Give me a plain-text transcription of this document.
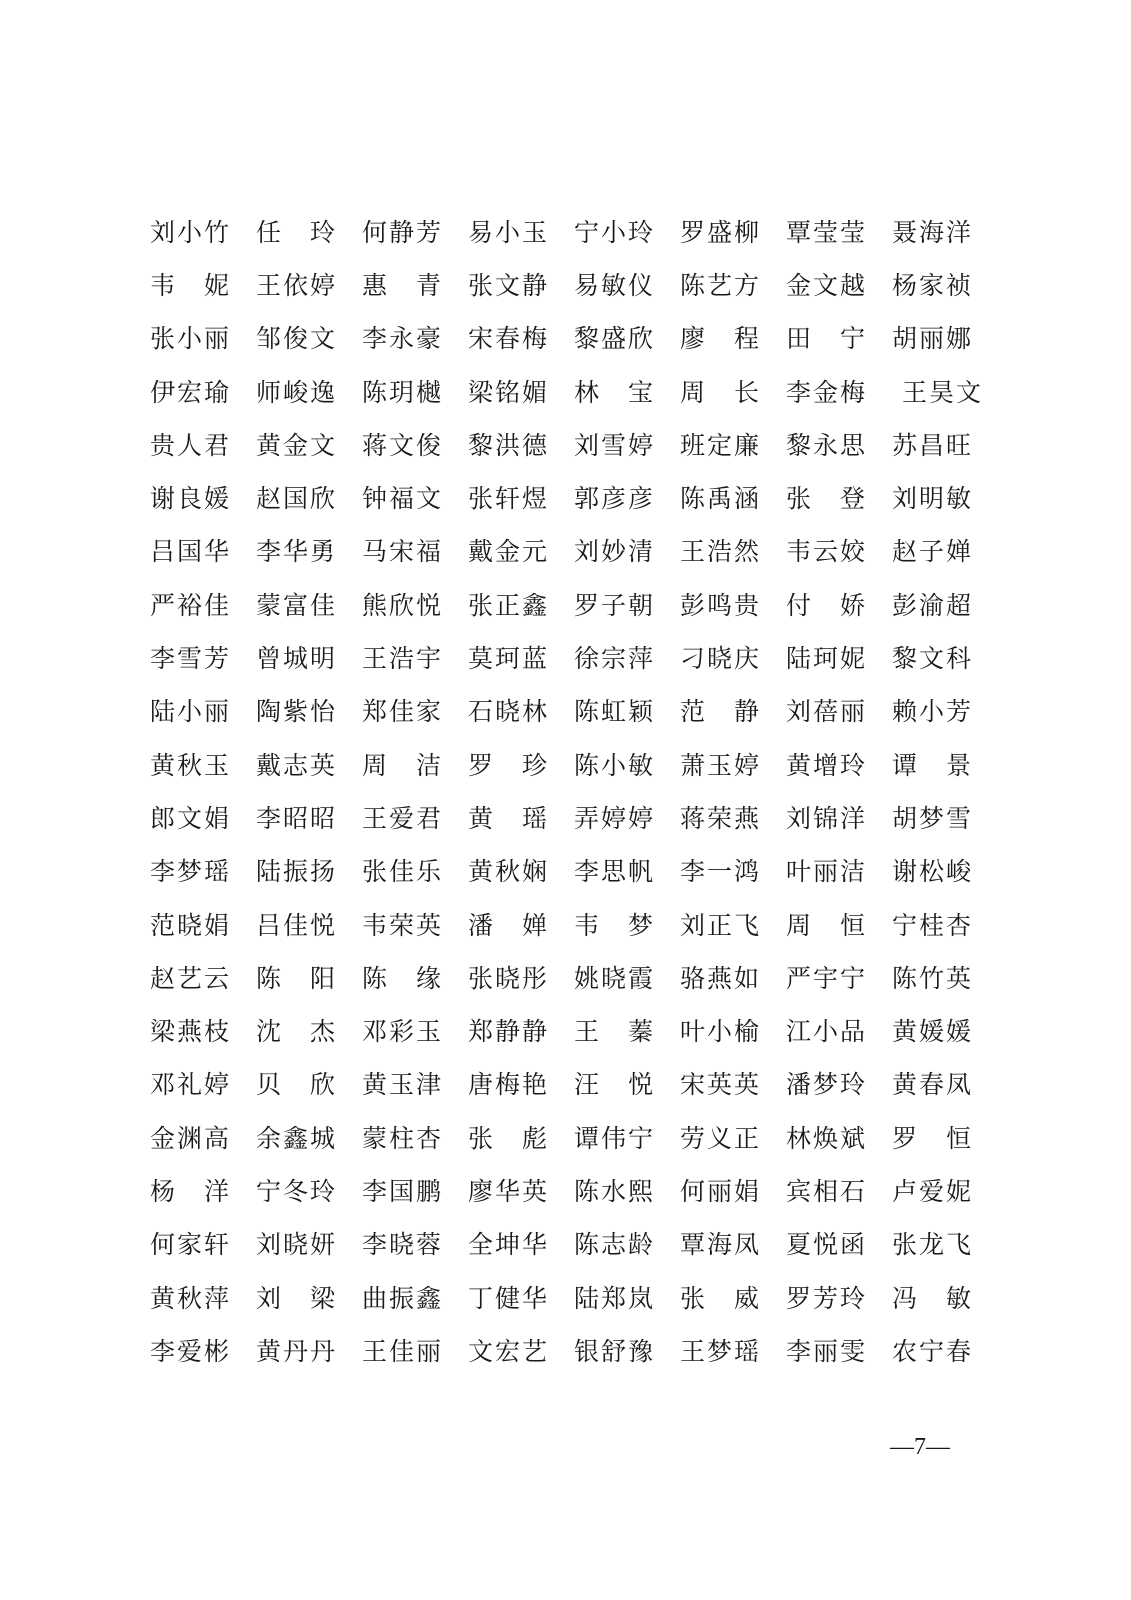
刘小竹 任　玲 何静芳 易小玉 宁小玲 罗盛柳 覃莹莹 聂海洋
韦　妮 王依婷 惠　青 张文静 易敏仪 陈艺方 金文越 杨家祯
张小丽 邹俊文 李永豪 宋春梅 黎盛欣 廖　程 田　宁 胡丽娜
伊宏瑜 师峻逸 陈玥樾 梁铭媚 林　宝 周　长 李金梅 王昊文
贵人君 黄金文 蒋文俊 黎洪德 刘雪婷 班定廉 黎永思 苏昌旺
谢良媛 赵国欣 钟福文 张轩煜 郭彦彦 陈禹涵 张　登 刘明敏
吕国华 李华勇 马宋福 戴金元 刘妙清 王浩然 韦云姣 赵子婵
严裕佳 蒙富佳 熊欣悦 张正鑫 罗子朝 彭鸣贵 付　娇 彭渝超
李雪芳 曾城明 王浩宇 莫珂蓝 徐宗萍 刁晓庆 陆珂妮 黎文科
陆小丽 陶紫怡 郑佳家 石晓林 陈虹颖 范　静 刘蓓丽 赖小芳
黄秋玉 戴志英 周　洁 罗　珍 陈小敏 萧玉婷 黄增玲 谭　景
郎文娟 李昭昭 王爱君 黄　瑶 弄婷婷 蒋荣燕 刘锦洋 胡梦雪
李梦瑶 陆振扬 张佳乐 黄秋娴 李思帆 李一鸿 叶丽洁 谢松峻
范晓娟 吕佳悦 韦荣英 潘　婵 韦　梦 刘正飞 周　恒 宁桂杏
赵艺云 陈　阳 陈　缘 张晓彤 姚晓霞 骆燕如 严宇宁 陈竹英
梁燕枝 沈　杰 邓彩玉 郑静静 王　蓁 叶小榆 江小品 黄媛媛
邓礼婷 贝　欣 黄玉津 唐梅艳 汪　悦 宋英英 潘梦玲 黄春凤
金渊高 余鑫城 蒙柱杏 张　彪 谭伟宁 劳义正 林焕斌 罗　恒
杨　洋 宁冬玲 李国鹏 廖华英 陈水熙 何丽娟 宾相石 卢爱妮
何家轩 刘晓妍 李晓蓉 全坤华 陈志龄 覃海凤 夏悦函 张龙飞
黄秋萍 刘　梁 曲振鑫 丁健华 陆郑岚 张　威 罗芳玲 冯　敏
李爱彬 黄丹丹 王佳丽 文宏艺 银舒豫 王梦瑶 李丽雯 农宁春
—7—
